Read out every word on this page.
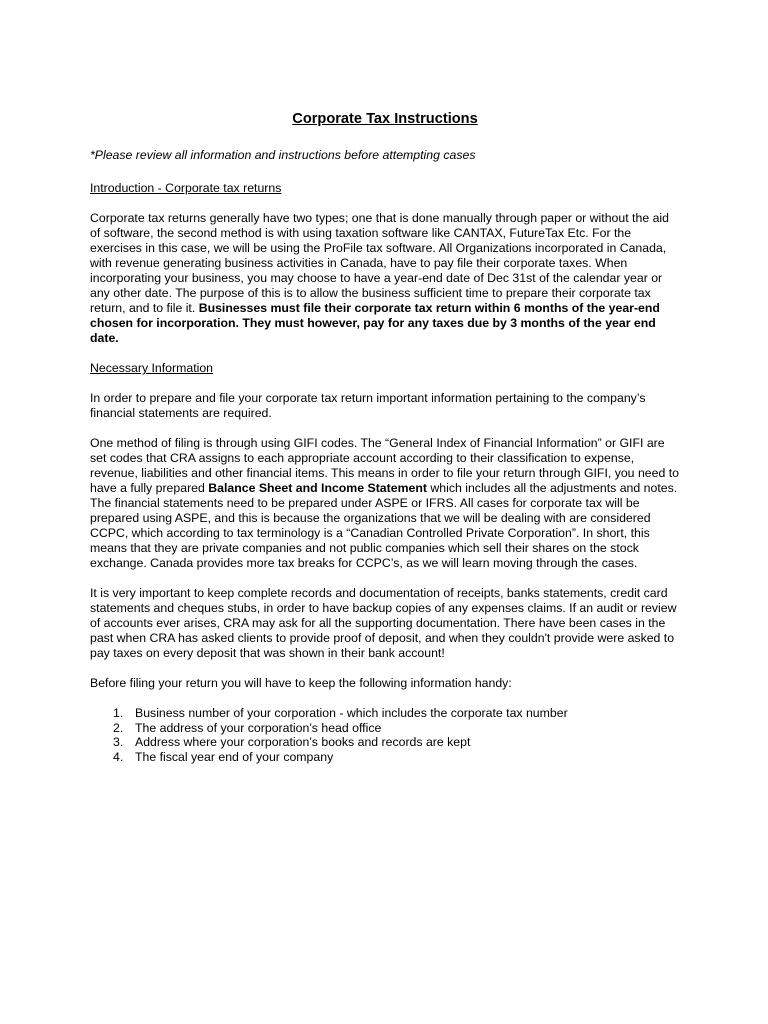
Corporate Tax Instructions
*Please review all information and instructions before attempting cases
Introduction - Corporate tax returns

Corporate tax returns generally have two types; one that is done manually through paper or without the aid of software, the second method is with using taxation software like CANTAX, FutureTax Etc. For the exercises in this case, we will be using the ProFile tax software. All Organizations incorporated in Canada, with revenue generating business activities in Canada, have to pay file their corporate taxes. When incorporating your business, you may choose to have a year-end date of Dec 31st of the calendar year or any other date. The purpose of this is to allow the business sufficient time to prepare their corporate tax return, and to file it. Businesses must file their corporate tax return within 6 months of the year-end chosen for incorporation. They must however, pay for any taxes due by 3 months of the year end date.

Necessary Information

In order to prepare and file your corporate tax return important information pertaining to the company’s financial statements are required.

One method of filing is through using GIFI codes. The “General Index of Financial Information” or GIFI are set codes that CRA assigns to each appropriate account according to their classification to expense, revenue, liabilities and other financial items. This means in order to file your return through GIFI, you need to have a fully prepared Balance Sheet and Income Statement which includes all the adjustments and notes. The financial statements need to be prepared under ASPE or IFRS. All cases for corporate tax will be prepared using ASPE, and this is because the organizations that we will be dealing with are considered CCPC, which according to tax terminology is a “Canadian Controlled Private Corporation”. In short, this means that they are private companies and not public companies which sell their shares on the stock exchange. Canada provides more tax breaks for CCPC’s, as we will learn moving through the cases.

It is very important to keep complete records and documentation of receipts, banks statements, credit card statements and cheques stubs, in order to have backup copies of any expenses claims. If an audit or review of accounts ever arises, CRA may ask for all the supporting documentation. There have been cases in the past when CRA has asked clients to provide proof of deposit, and when they couldn't provide were asked to pay taxes on every deposit that was shown in their bank account!

Before filing your return you will have to keep the following information handy:

1. Business number of your corporation - which includes the corporate tax number
2. The address of your corporation’s head office
3. Address where your corporation’s books and records are kept
4. The fiscal year end of your company
